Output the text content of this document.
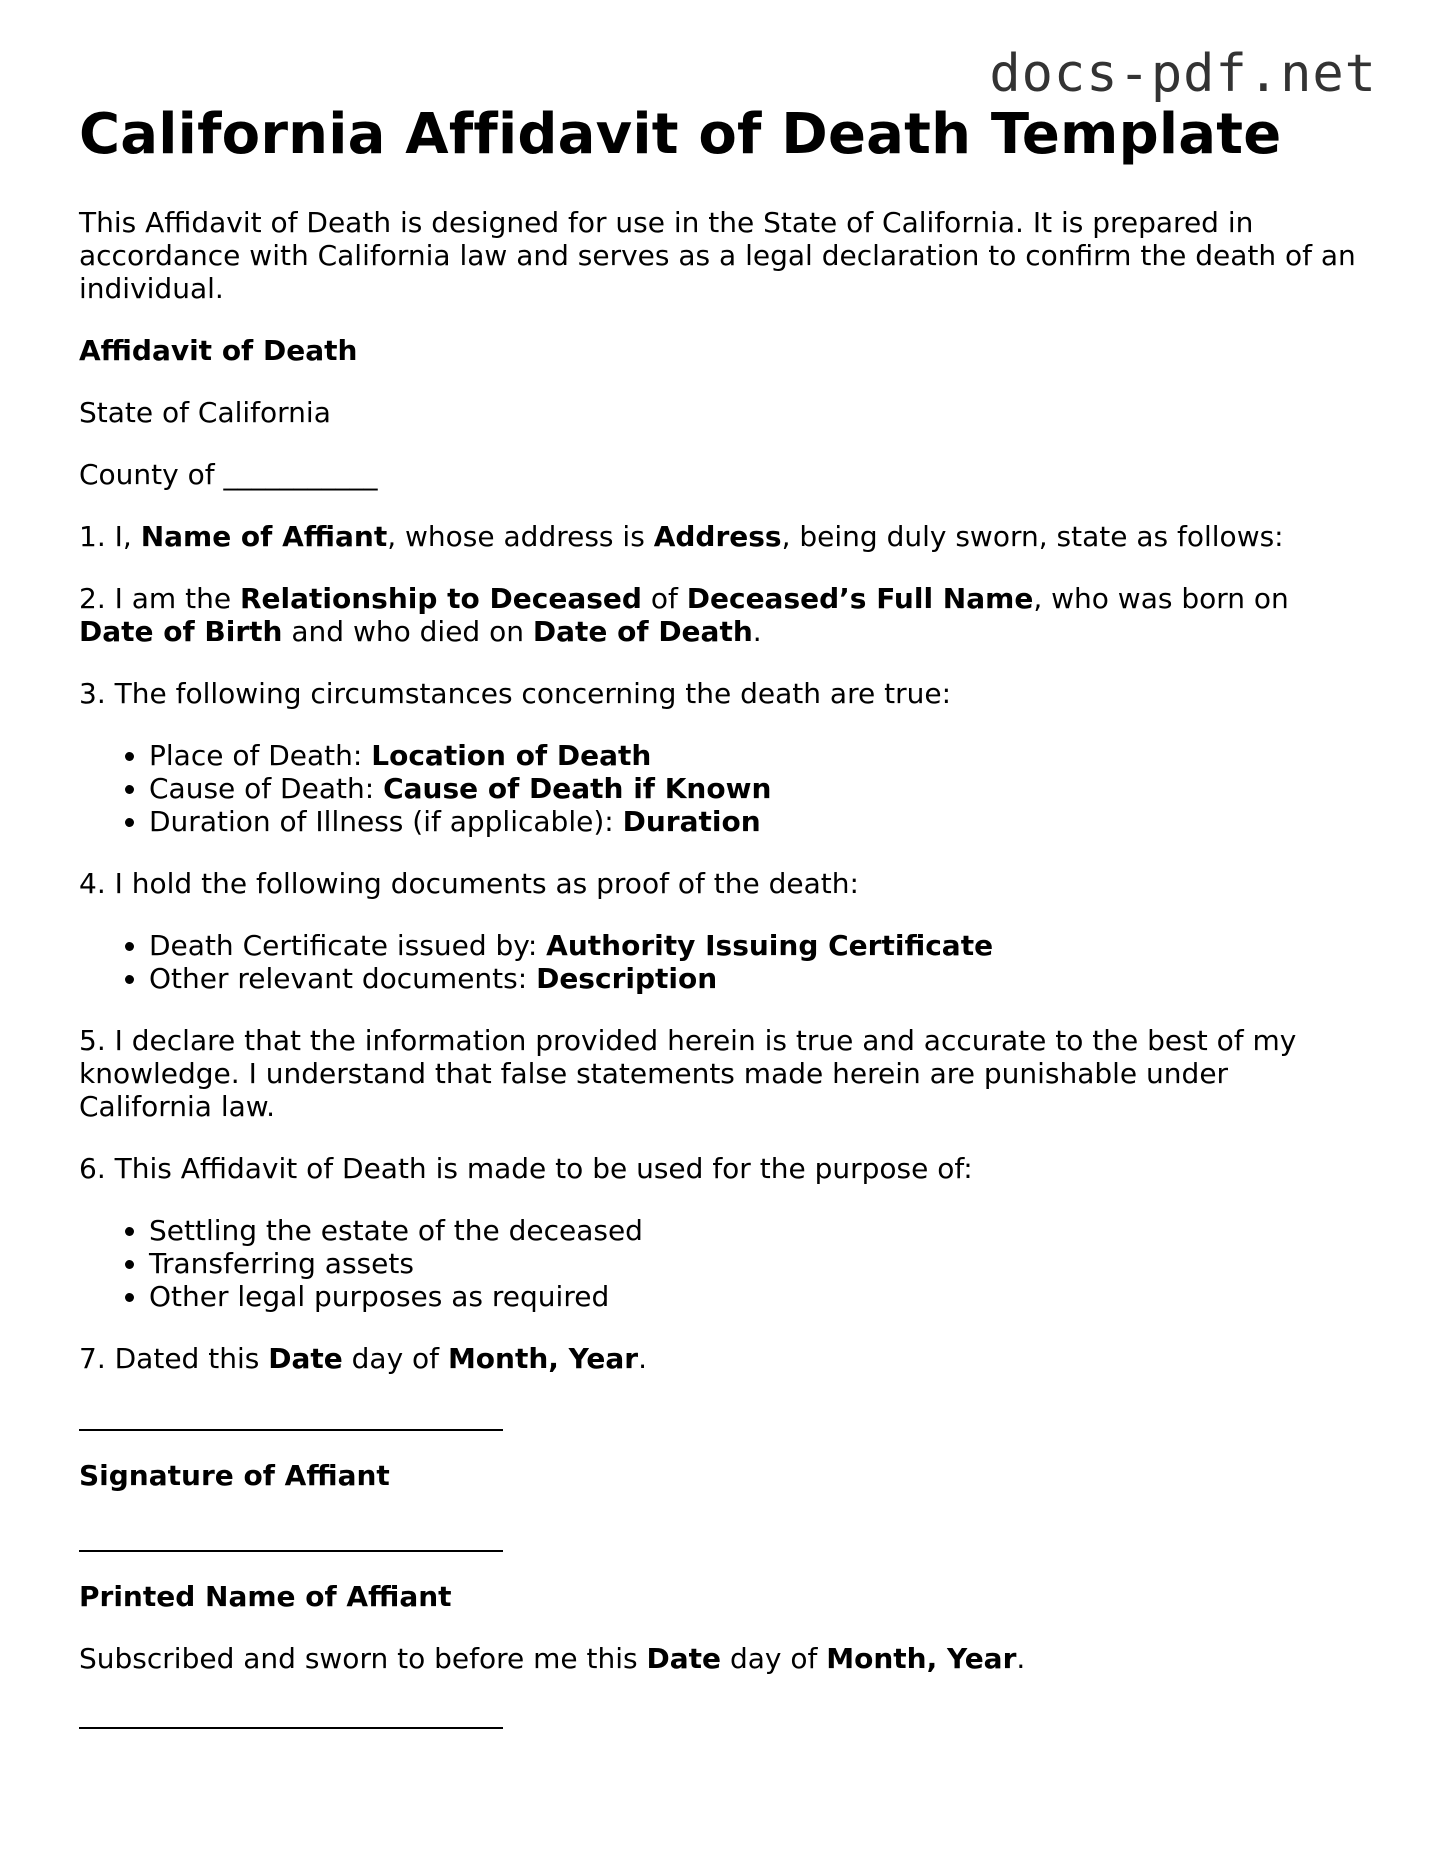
docs-pdf.net
California Affidavit of Death Template

This Affidavit of Death is designed for use in the State of California. It is prepared in accordance with California law and serves as a legal declaration to confirm the death of an individual.

Affidavit of Death

State of California

County of ___________

1. I, Name of Affiant, whose address is Address, being duly sworn, state as follows:

2. I am the Relationship to Deceased of Deceased’s Full Name, who was born on Date of Birth and who died on Date of Death.

3. The following circumstances concerning the death are true:

• Place of Death: Location of Death
• Cause of Death: Cause of Death if Known
• Duration of Illness (if applicable): Duration

4. I hold the following documents as proof of the death:

• Death Certificate issued by: Authority Issuing Certificate
• Other relevant documents: Description

5. I declare that the information provided herein is true and accurate to the best of my knowledge. I understand that false statements made herein are punishable under California law.

6. This Affidavit of Death is made to be used for the purpose of:

• Settling the estate of the deceased
• Transferring assets
• Other legal purposes as required

7. Dated this Date day of Month, Year.

Signature of Affiant

Printed Name of Affiant

Subscribed and sworn to before me this Date day of Month, Year.
